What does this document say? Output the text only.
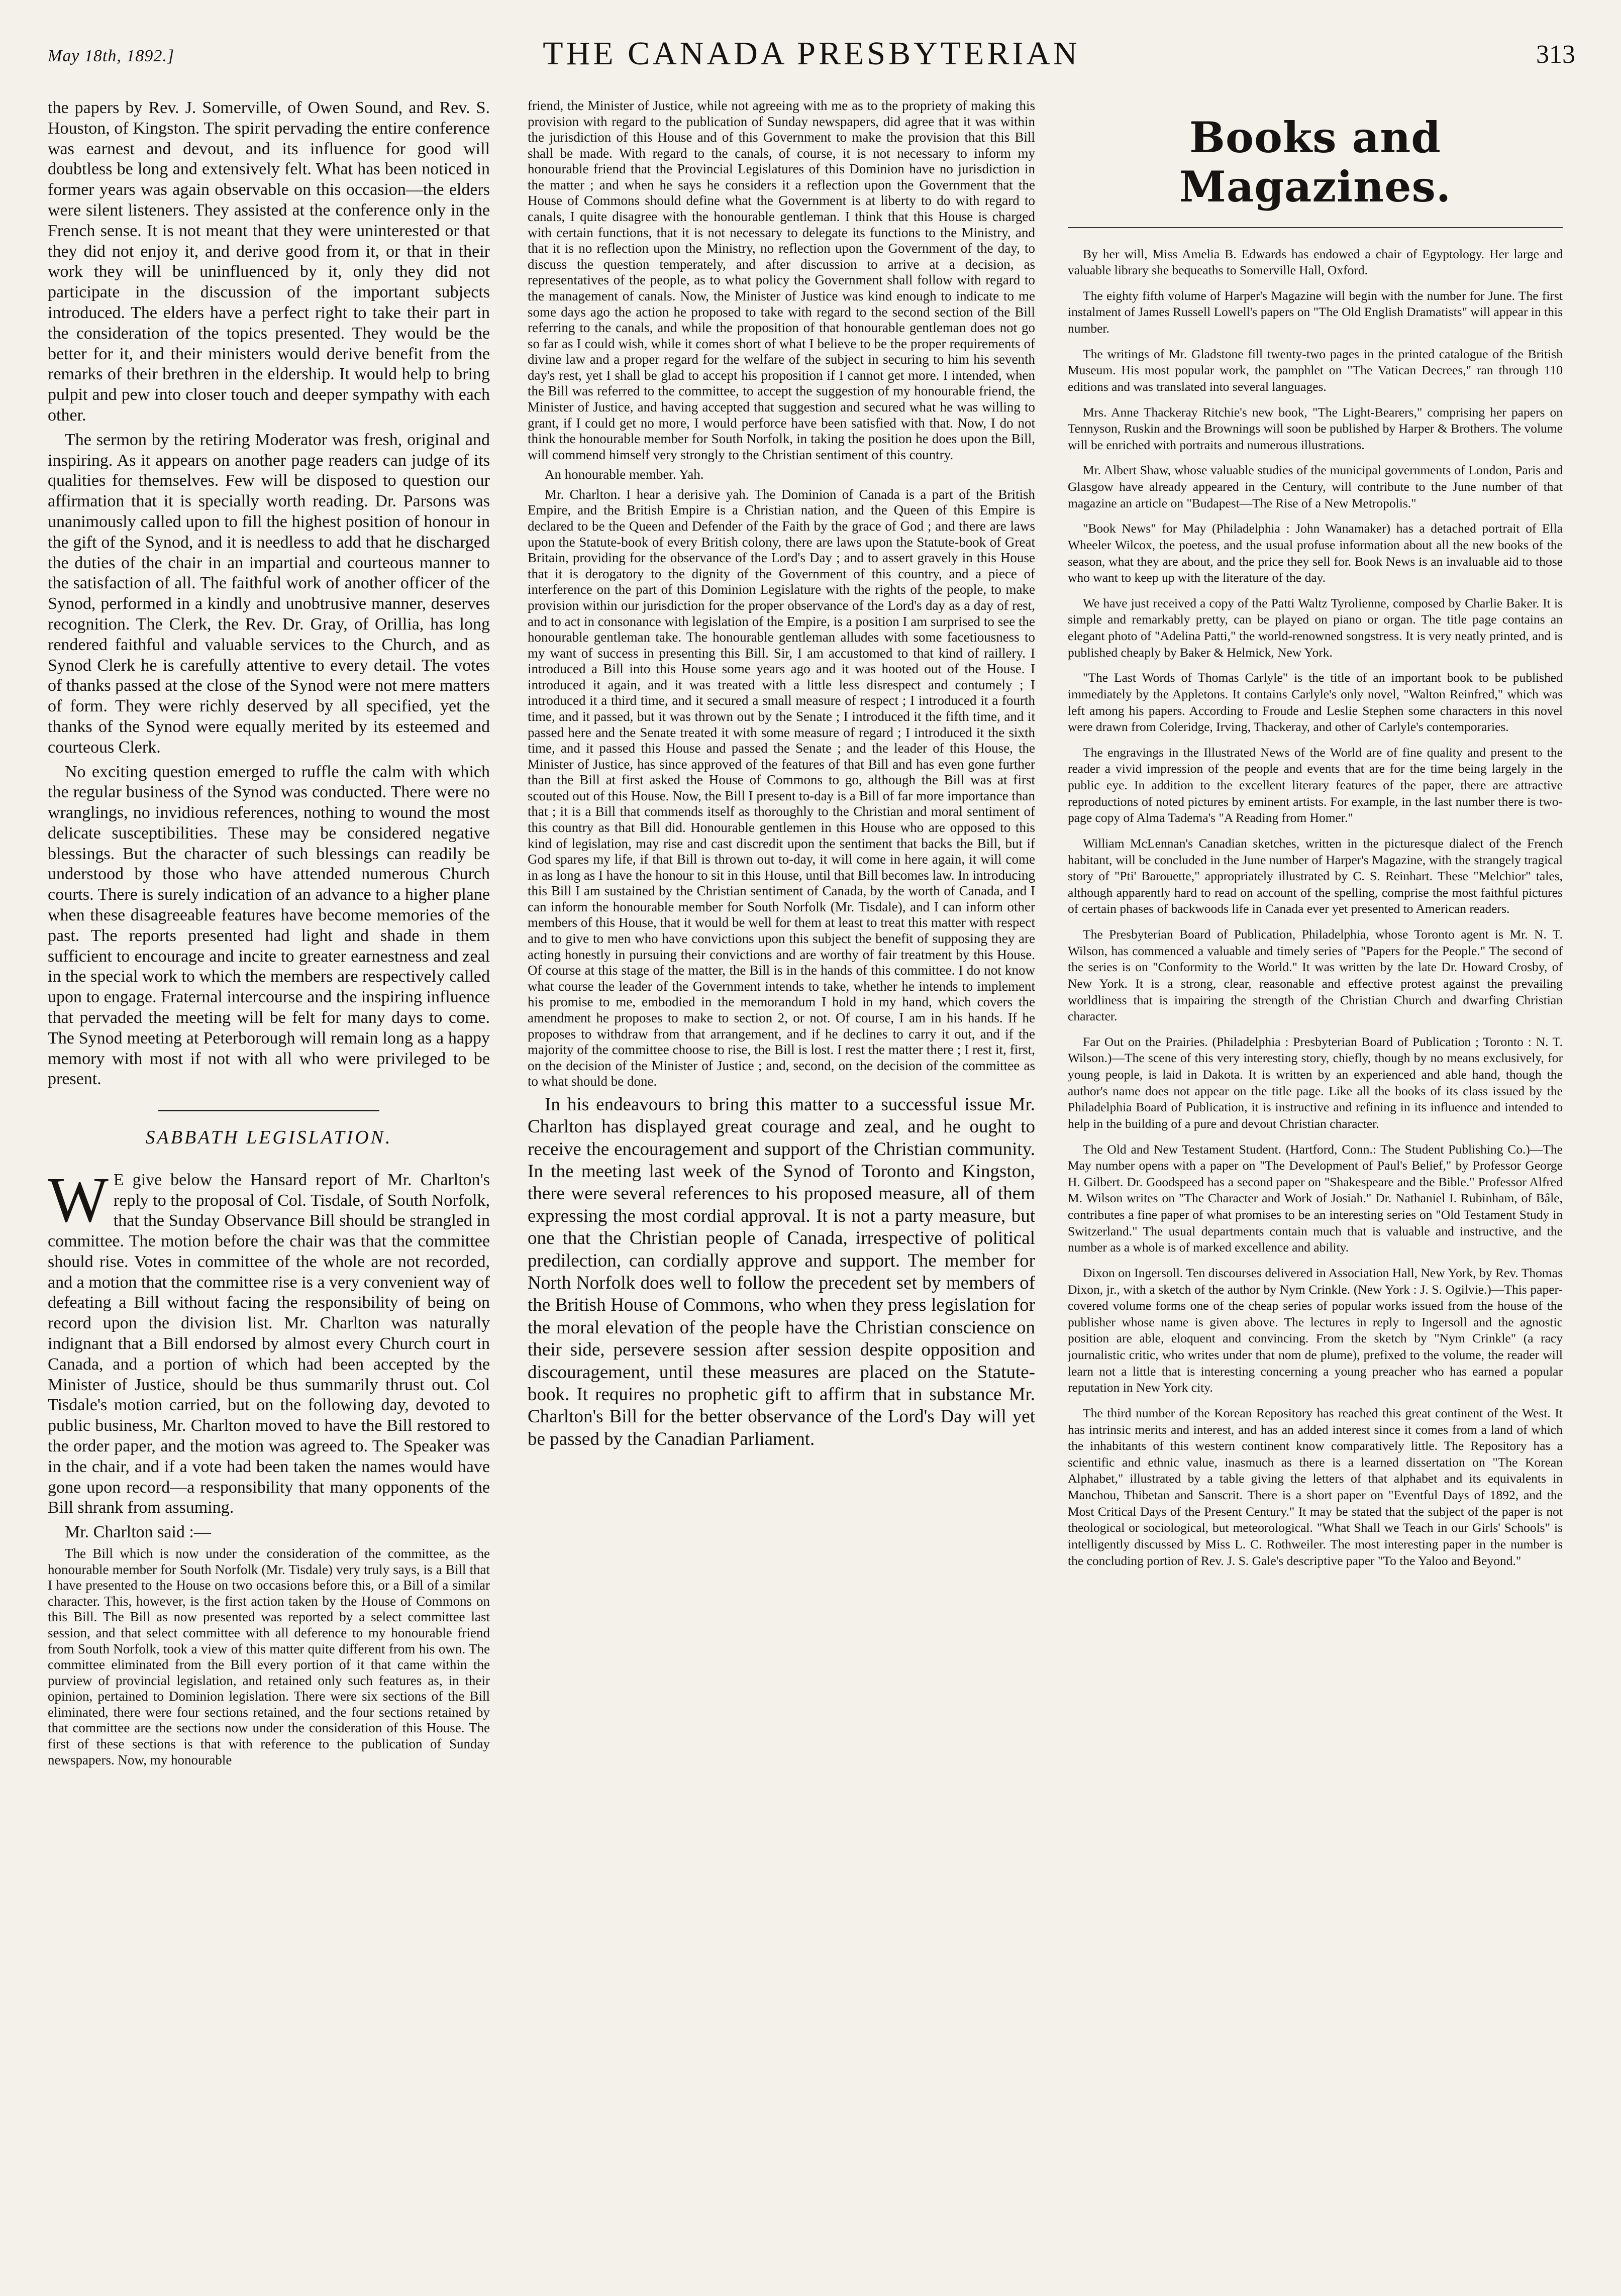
May 18th, 1892.]	THE CANADA PRESBYTERIAN	313

the papers by Rev. J. Somerville, of Owen Sound, and Rev. S. Houston, of Kingston. The spirit pervading the entire conference was earnest and devout, and its influence for good will doubtless be long and extensively felt. What has been noticed in former years was again observable on this occasion—the elders were silent listeners. They assisted at the conference only in the French sense. It is not meant that they were uninterested or that they did not enjoy it, and derive good from it, or that in their work they will be uninfluenced by it, only they did not participate in the discussion of the important subjects introduced. The elders have a perfect right to take their part in the consideration of the topics presented. They would be the better for it, and their ministers would derive benefit from the remarks of their brethren in the eldership. It would help to bring pulpit and pew into closer touch and deeper sympathy with each other.

The sermon by the retiring Moderator was fresh, original and inspiring. As it appears on another page readers can judge of its qualities for themselves. Few will be disposed to question our affirmation that it is specially worth reading. Dr. Parsons was unanimously called upon to fill the highest position of honour in the gift of the Synod, and it is needless to add that he discharged the duties of the chair in an impartial and courteous manner to the satisfaction of all. The faithful work of another officer of the Synod, performed in a kindly and unobtrusive manner, deserves recognition. The Clerk, the Rev. Dr. Gray, of Orillia, has long rendered faithful and valuable services to the Church, and as Synod Clerk he is carefully attentive to every detail. The votes of thanks passed at the close of the Synod were not mere matters of form. They were richly deserved by all specified, yet the thanks of the Synod were equally merited by its esteemed and courteous Clerk.

No exciting question emerged to ruffle the calm with which the regular business of the Synod was conducted. There were no wranglings, no invidious references, nothing to wound the most delicate susceptibilities. These may be considered negative blessings. But the character of such blessings can readily be understood by those who have attended numerous Church courts. There is surely indication of an advance to a higher plane when these disagreeable features have become memories of the past. The reports presented had light and shade in them sufficient to encourage and incite to greater earnestness and zeal in the special work to which the members are respectively called upon to engage. Fraternal intercourse and the inspiring influence that pervaded the meeting will be felt for many days to come. The Synod meeting at Peterborough will remain long as a happy memory with most if not with all who were privileged to be present.

SABBATH LEGISLATION.
W E give below the Hansard report of Mr. Charlton's reply to the proposal of Col. Tisdale, of South Norfolk, that the Sunday Observance Bill should be strangled in committee. The motion before the chair was that the committee should rise. Votes in committee of the whole are not recorded, and a motion that the committee rise is a very convenient way of defeating a Bill without facing the responsibility of being on record upon the division list. Mr. Charlton was naturally indignant that a Bill endorsed by almost every Church court in Canada, and a portion of which had been accepted by the Minister of Justice, should be thus summarily thrust out. Col Tisdale's motion carried, but on the following day, devoted to public business, Mr. Charlton moved to have the Bill restored to the order paper, and the motion was agreed to. The Speaker was in the chair, and if a vote had been taken the names would have gone upon record—a responsibility that many opponents of the Bill shrank from assuming.

Mr. Charlton said :—

The Bill which is now under the consideration of the committee, as the honourable member for South Norfolk (Mr. Tisdale) very truly says, is a Bill that I have presented to the House on two occasions before this, or a Bill of a similar character. This, however, is the first action taken by the House of Commons on this Bill. The Bill as now presented was reported by a select committee last session, and that select committee with all deference to my honourable friend from South Norfolk, took a view of this matter quite different from his own. The committee eliminated from the Bill every portion of it that came within the purview of provincial legislation, and retained only such features as, in their opinion, pertained to Dominion legislation. There were six sections of the Bill eliminated, there were four sections retained, and the four sections retained by that committee are the sections now under the consideration of this House. The first of these sections is that with reference to the publication of Sunday newspapers. Now, my honourable

friend, the Minister of Justice, while not agreeing with me as to the propriety of making this provision with regard to the publication of Sunday newspapers, did agree that it was within the jurisdiction of this House and of this Government to make the provision that this Bill shall be made. With regard to the canals, of course, it is not necessary to inform my honourable friend that the Provincial Legislatures of this Dominion have no jurisdiction in the matter ; and when he says he considers it a reflection upon the Government that the House of Commons should define what the Government is at liberty to do with regard to canals, I quite disagree with the honourable gentleman. I think that this House is charged with certain functions, that it is not necessary to delegate its functions to the Ministry, and that it is no reflection upon the Ministry, no reflection upon the Government of the day, to discuss the question temperately, and after discussion to arrive at a decision, as representatives of the people, as to what policy the Government shall follow with regard to the management of canals. Now, the Minister of Justice was kind enough to indicate to me some days ago the action he proposed to take with regard to the second section of the Bill referring to the canals, and while the proposition of that honourable gentleman does not go so far as I could wish, while it comes short of what I believe to be the proper requirements of divine law and a proper regard for the welfare of the subject in securing to him his seventh day's rest, yet I shall be glad to accept his proposition if I cannot get more. I intended, when the Bill was referred to the committee, to accept the suggestion of my honourable friend, the Minister of Justice, and having accepted that suggestion and secured what he was willing to grant, if I could get no more, I would perforce have been satisfied with that. Now, I do not think the honourable member for South Norfolk, in taking the position he does upon the Bill, will commend himself very strongly to the Christian sentiment of this country.

An honourable member. Yah.

Mr. Charlton. I hear a derisive yah. The Dominion of Canada is a part of the British Empire, and the British Empire is a Christian nation, and the Queen of this Empire is declared to be the Queen and Defender of the Faith by the grace of God ; and there are laws upon the Statute-book of every British colony, there are laws upon the Statute-book of Great Britain, providing for the observance of the Lord's Day ; and to assert gravely in this House that it is derogatory to the dignity of the Government of this country, and a piece of interference on the part of this Dominion Legislature with the rights of the people, to make provision within our jurisdiction for the proper observance of the Lord's day as a day of rest, and to act in consonance with legislation of the Empire, is a position I am surprised to see the honourable gentleman take. The honourable gentleman alludes with some facetiousness to my want of success in presenting this Bill. Sir, I am accustomed to that kind of raillery. I introduced a Bill into this House some years ago and it was hooted out of the House. I introduced it again, and it was treated with a little less disrespect and contumely ; I introduced it a third time, and it secured a small measure of respect ; I introduced it a fourth time, and it passed, but it was thrown out by the Senate ; I introduced it the fifth time, and it passed here and the Senate treated it with some measure of regard ; I introduced it the sixth time, and it passed this House and passed the Senate ; and the leader of this House, the Minister of Justice, has since approved of the features of that Bill and has even gone further than the Bill at first asked the House of Commons to go, although the Bill was at first scouted out of this House. Now, the Bill I present to-day is a Bill of far more importance than that ; it is a Bill that commends itself as thoroughly to the Christian and moral sentiment of this country as that Bill did. Honourable gentlemen in this House who are opposed to this kind of legislation, may rise and cast discredit upon the sentiment that backs the Bill, but if God spares my life, if that Bill is thrown out to-day, it will come in here again, it will come in as long as I have the honour to sit in this House, until that Bill becomes law. In introducing this Bill I am sustained by the Christian sentiment of Canada, by the worth of Canada, and I can inform the honourable member for South Norfolk (Mr. Tisdale), and I can inform other members of this House, that it would be well for them at least to treat this matter with respect and to give to men who have convictions upon this subject the benefit of supposing they are acting honestly in pursuing their convictions and are worthy of fair treatment by this House. Of course at this stage of the matter, the Bill is in the hands of this committee. I do not know what course the leader of the Government intends to take, whether he intends to implement his promise to me, embodied in the memorandum I hold in my hand, which covers the amendment he proposes to make to section 2, or not. Of course, I am in his hands. If he proposes to withdraw from that arrangement, and if he declines to carry it out, and if the majority of the committee choose to rise, the Bill is lost. I rest the matter there ; I rest it, first, on the decision of the Minister of Justice ; and, second, on the decision of the committee as to what should be done.

In his endeavours to bring this matter to a successful issue Mr. Charlton has displayed great courage and zeal, and he ought to receive the encouragement and support of the Christian community. In the meeting last week of the Synod of Toronto and Kingston, there were several references to his proposed measure, all of them expressing the most cordial approval. It is not a party measure, but one that the Christian people of Canada, irrespective of political predilection, can cordially approve and support. The member for North Norfolk does well to follow the precedent set by members of the British House of Commons, who when they press legislation for the moral elevation of the people have the Christian conscience on their side, persevere session after session despite opposition and discouragement, until these measures are placed on the Statute-book. It requires no prophetic gift to affirm that in substance Mr. Charlton's Bill for the better observance of the Lord's Day will yet be passed by the Canadian Parliament.

Books and Magazines.

By her will, Miss Amelia B. Edwards has endowed a chair of Egyptology. Her large and valuable library she bequeaths to Somerville Hall, Oxford.

The eighty fifth volume of Harper's Magazine will begin with the number for June. The first instalment of James Russell Lowell's papers on "The Old English Dramatists" will appear in this number.

The writings of Mr. Gladstone fill twenty-two pages in the printed catalogue of the British Museum. His most popular work, the pamphlet on "The Vatican Decrees," ran through 110 editions and was translated into several languages.

Mrs. Anne Thackeray Ritchie's new book, "The Light-Bearers," comprising her papers on Tennyson, Ruskin and the Brownings will soon be published by Harper & Brothers. The volume will be enriched with portraits and numerous illustrations.

Mr. Albert Shaw, whose valuable studies of the municipal governments of London, Paris and Glasgow have already appeared in the Century, will contribute to the June number of that magazine an article on "Budapest—The Rise of a New Metropolis."

"Book News" for May (Philadelphia : John Wanamaker) has a detached portrait of Ella Wheeler Wilcox, the poetess, and the usual profuse information about all the new books of the season, what they are about, and the price they sell for. Book News is an invaluable aid to those who want to keep up with the literature of the day.

We have just received a copy of the Patti Waltz Tyrolienne, composed by Charlie Baker. It is simple and remarkably pretty, can be played on piano or organ. The title page contains an elegant photo of "Adelina Patti," the world-renowned songstress. It is very neatly printed, and is published cheaply by Baker & Helmick, New York.

"The Last Words of Thomas Carlyle" is the title of an important book to be published immediately by the Appletons. It contains Carlyle's only novel, "Walton Reinfred," which was left among his papers. According to Froude and Leslie Stephen some characters in this novel were drawn from Coleridge, Irving, Thackeray, and other of Carlyle's contemporaries.

The engravings in the Illustrated News of the World are of fine quality and present to the reader a vivid impression of the people and events that are for the time being largely in the public eye. In addition to the excellent literary features of the paper, there are attractive reproductions of noted pictures by eminent artists. For example, in the last number there is two-page copy of Alma Tadema's "A Reading from Homer."

William McLennan's Canadian sketches, written in the picturesque dialect of the French habitant, will be concluded in the June number of Harper's Magazine, with the strangely tragical story of "Pti' Barouette," appropriately illustrated by C. S. Reinhart. These "Melchior" tales, although apparently hard to read on account of the spelling, comprise the most faithful pictures of certain phases of backwoods life in Canada ever yet presented to American readers.

The Presbyterian Board of Publication, Philadelphia, whose Toronto agent is Mr. N. T. Wilson, has commenced a valuable and timely series of "Papers for the People." The second of the series is on "Conformity to the World." It was written by the late Dr. Howard Crosby, of New York. It is a strong, clear, reasonable and effective protest against the prevailing worldliness that is impairing the strength of the Christian Church and dwarfing Christian character.

Far Out on the Prairies. (Philadelphia : Presbyterian Board of Publication ; Toronto : N. T. Wilson.)—The scene of this very interesting story, chiefly, though by no means exclusively, for young people, is laid in Dakota. It is written by an experienced and able hand, though the author's name does not appear on the title page. Like all the books of its class issued by the Philadelphia Board of Publication, it is instructive and refining in its influence and intended to help in the building of a pure and devout Christian character.

The Old and New Testament Student. (Hartford, Conn.: The Student Publishing Co.)—The May number opens with a paper on "The Development of Paul's Belief," by Professor George H. Gilbert. Dr. Goodspeed has a second paper on "Shakespeare and the Bible." Professor Alfred M. Wilson writes on "The Character and Work of Josiah." Dr. Nathaniel I. Rubinham, of Bâle, contributes a fine paper of what promises to be an interesting series on "Old Testament Study in Switzerland." The usual departments contain much that is valuable and instructive, and the number as a whole is of marked excellence and ability.

Dixon on Ingersoll. Ten discourses delivered in Association Hall, New York, by Rev. Thomas Dixon, jr., with a sketch of the author by Nym Crinkle. (New York : J. S. Ogilvie.)—This paper-covered volume forms one of the cheap series of popular works issued from the house of the publisher whose name is given above. The lectures in reply to Ingersoll and the agnostic position are able, eloquent and convincing. From the sketch by "Nym Crinkle" (a racy journalistic critic, who writes under that nom de plume), prefixed to the volume, the reader will learn not a little that is interesting concerning a young preacher who has earned a popular reputation in New York city.

The third number of the Korean Repository has reached this great continent of the West. It has intrinsic merits and interest, and has an added interest since it comes from a land of which the inhabitants of this western continent know comparatively little. The Repository has a scientific and ethnic value, inasmuch as there is a learned dissertation on "The Korean Alphabet," illustrated by a table giving the letters of that alphabet and its equivalents in Manchou, Thibetan and Sanscrit. There is a short paper on "Eventful Days of 1892, and the Most Critical Days of the Present Century." It may be stated that the subject of the paper is not theological or sociological, but meteorological. "What Shall we Teach in our Girls' Schools" is intelligently discussed by Miss L. C. Rothweiler. The most interesting paper in the number is the concluding portion of Rev. J. S. Gale's descriptive paper "To the Yaloo and Beyond."
